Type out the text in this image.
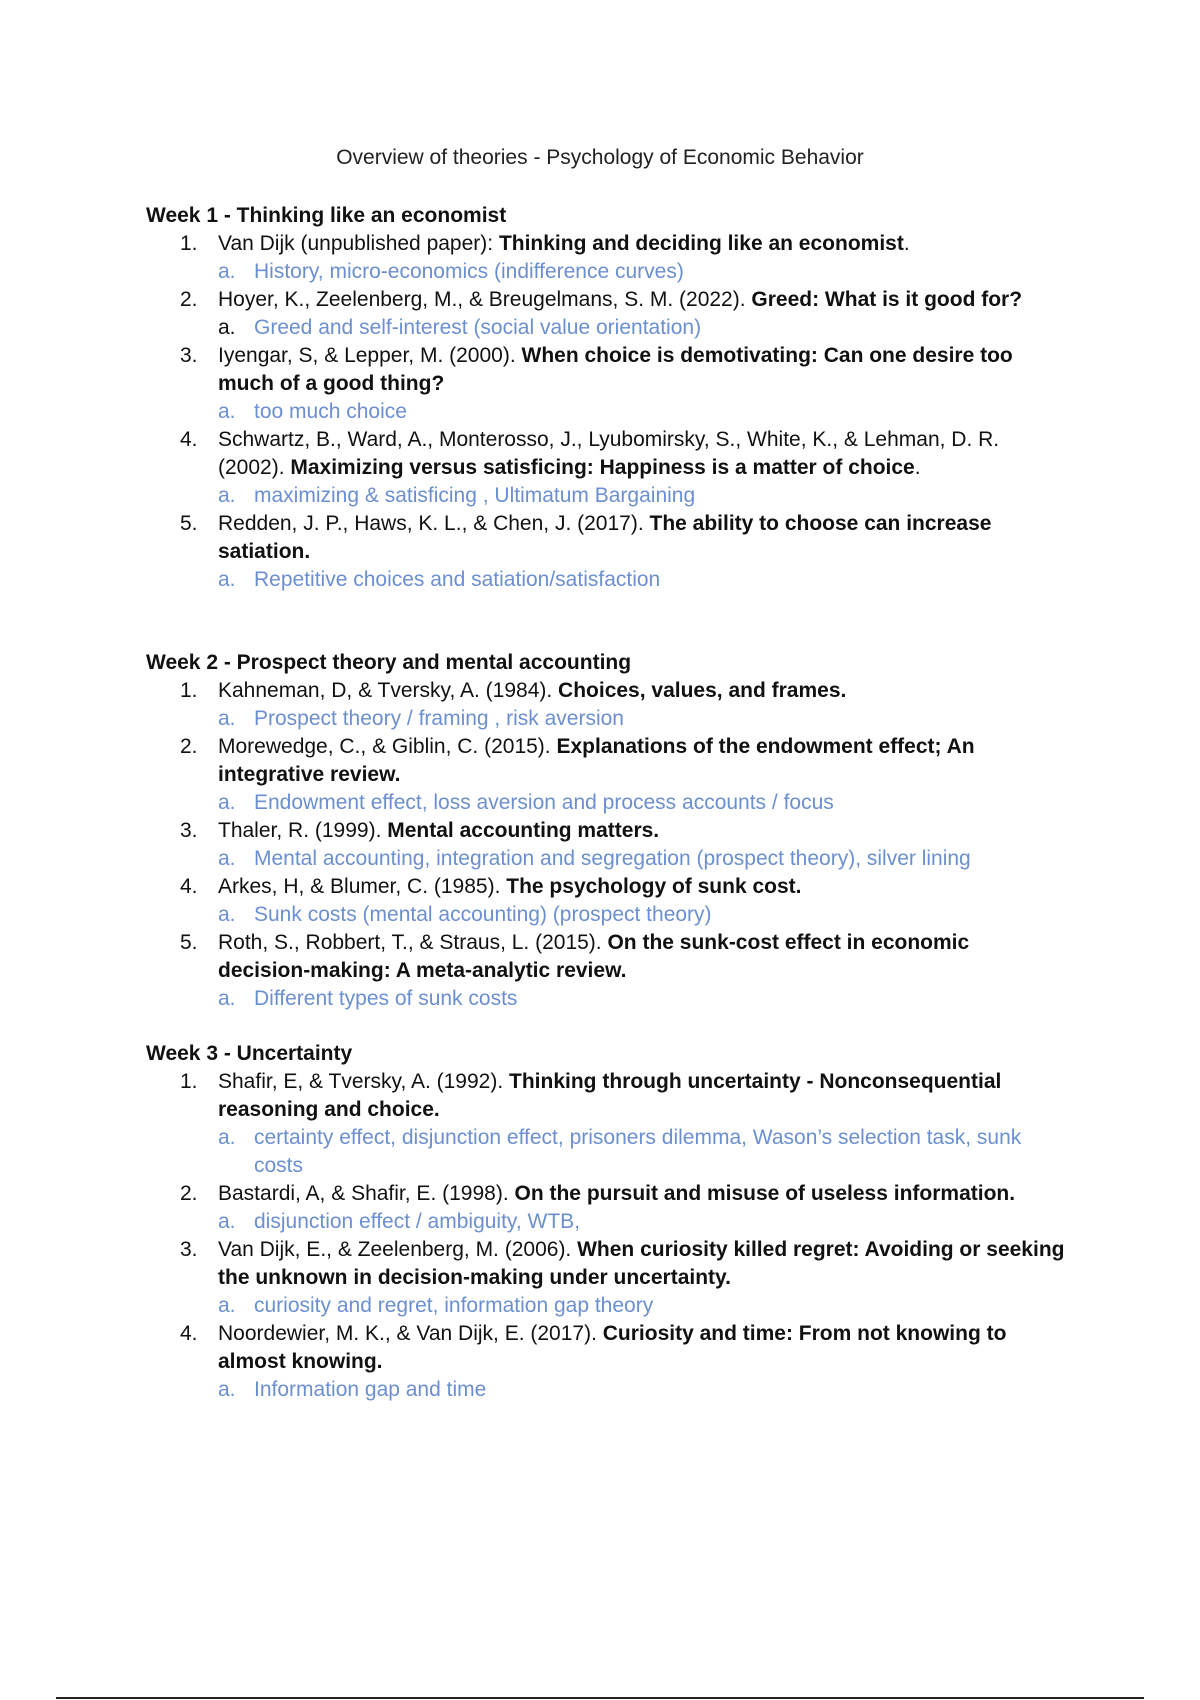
Overview of theories - Psychology of Economic Behavior
Week 1 - Thinking like an economist
1. Van Dijk (unpublished paper): Thinking and deciding like an economist.
a. History, micro-economics (indifference curves)
2. Hoyer, K., Zeelenberg, M., & Breugelmans, S. M. (2022). Greed: What is it good for?
a. Greed and self-interest (social value orientation)
3. Iyengar, S, & Lepper, M. (2000). When choice is demotivating: Can one desire too much of a good thing?
a. too much choice
4. Schwartz, B., Ward, A., Monterosso, J., Lyubomirsky, S., White, K., & Lehman, D. R. (2002). Maximizing versus satisficing: Happiness is a matter of choice.
a. maximizing & satisficing , Ultimatum Bargaining
5. Redden, J. P., Haws, K. L., & Chen, J. (2017). The ability to choose can increase satiation.
a. Repetitive choices and satiation/satisfaction
Week 2 - Prospect theory and mental accounting
1. Kahneman, D, & Tversky, A. (1984). Choices, values, and frames.
a. Prospect theory / framing , risk aversion
2. Morewedge, C., & Giblin, C. (2015). Explanations of the endowment effect; An integrative review.
a. Endowment effect, loss aversion and process accounts / focus
3. Thaler, R. (1999). Mental accounting matters.
a. Mental accounting, integration and segregation (prospect theory), silver lining
4. Arkes, H, & Blumer, C. (1985). The psychology of sunk cost.
a. Sunk costs (mental accounting) (prospect theory)
5. Roth, S., Robbert, T., & Straus, L. (2015). On the sunk-cost effect in economic decision-making: A meta-analytic review.
a. Different types of sunk costs
Week 3 - Uncertainty
1. Shafir, E, & Tversky, A. (1992). Thinking through uncertainty - Nonconsequential reasoning and choice.
a. certainty effect, disjunction effect, prisoners dilemma, Wason’s selection task, sunk costs
2. Bastardi, A, & Shafir, E. (1998). On the pursuit and misuse of useless information.
a. disjunction effect / ambiguity, WTB,
3. Van Dijk, E., & Zeelenberg, M. (2006). When curiosity killed regret: Avoiding or seeking the unknown in decision-making under uncertainty.
a. curiosity and regret, information gap theory
4. Noordewier, M. K., & Van Dijk, E. (2017). Curiosity and time: From not knowing to almost knowing.
a. Information gap and time
